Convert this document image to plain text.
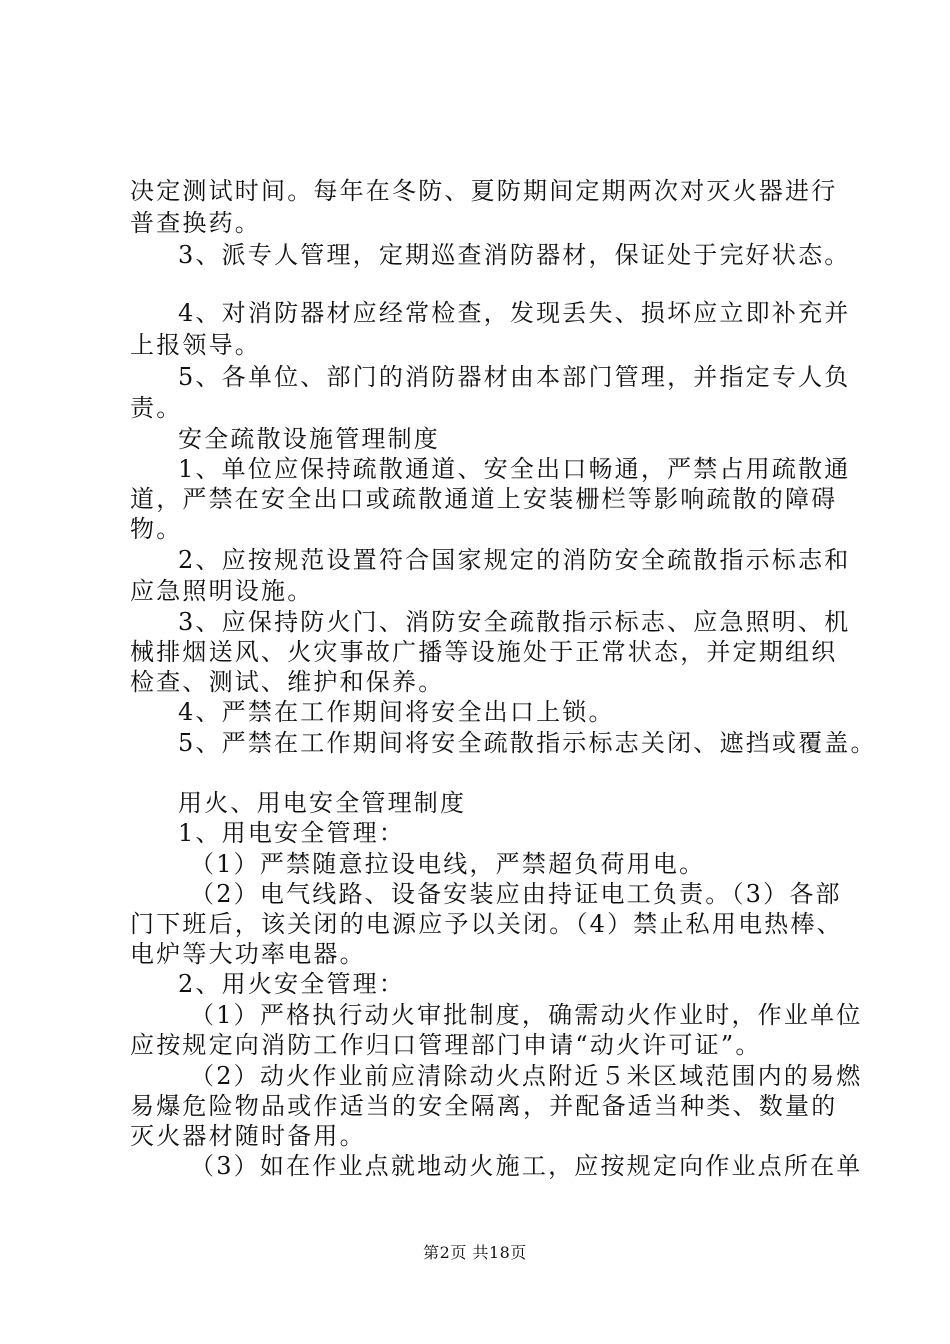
决定测试时间。每年在冬防、夏防期间定期两次对灭火器进行
普查换药。
3、派专人管理，定期巡查消防器材，保证处于完好状态。
4、对消防器材应经常检查，发现丢失、损坏应立即补充并
上报领导。
5、各单位、部门的消防器材由本部门管理，并指定专人负
责。
安全疏散设施管理制度
1、单位应保持疏散通道、安全出口畅通，严禁占用疏散通
道，严禁在安全出口或疏散通道上安装栅栏等影响疏散的障碍
物。
2、应按规范设置符合国家规定的消防安全疏散指示标志和
应急照明设施。
3、应保持防火门、消防安全疏散指示标志、应急照明、机
械排烟送风、火灾事故广播等设施处于正常状态，并定期组织
检查、测试、维护和保养。
4、严禁在工作期间将安全出口上锁。
5、严禁在工作期间将安全疏散指示标志关闭、遮挡或覆盖。
用火、用电安全管理制度
1、用电安全管理：
（1）严禁随意拉设电线，严禁超负荷用电。
（2）电气线路、设备安装应由持证电工负责。（3）各部
门下班后，该关闭的电源应予以关闭。（4）禁止私用电热棒、
电炉等大功率电器。
2、用火安全管理：
（1）严格执行动火审批制度，确需动火作业时，作业单位
应按规定向消防工作归口管理部门申请“动火许可证”。
（2）动火作业前应清除动火点附近５米区域范围内的易燃
易爆危险物品或作适当的安全隔离，并配备适当种类、数量的
灭火器材随时备用。
（3）如在作业点就地动火施工，应按规定向作业点所在单
第2页 共18页
